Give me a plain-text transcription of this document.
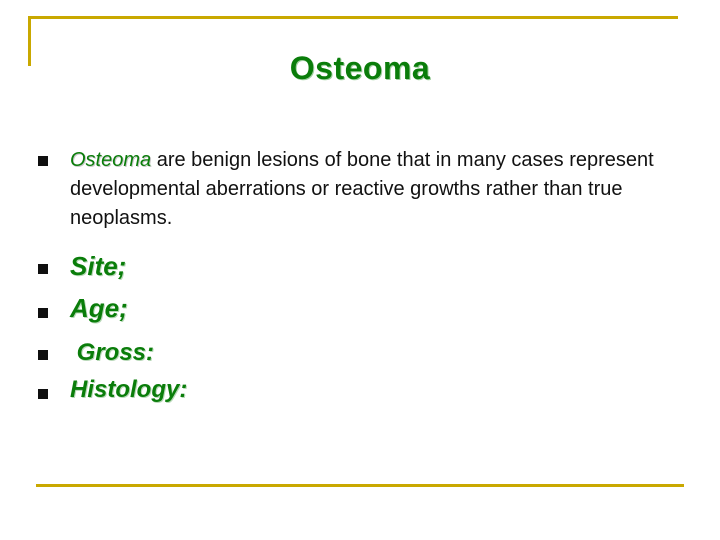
Osteoma
Osteoma are benign lesions of bone that in many cases represent developmental aberrations or reactive growths rather than true neoplasms.
Site;
Age;
Gross:
Histology:
